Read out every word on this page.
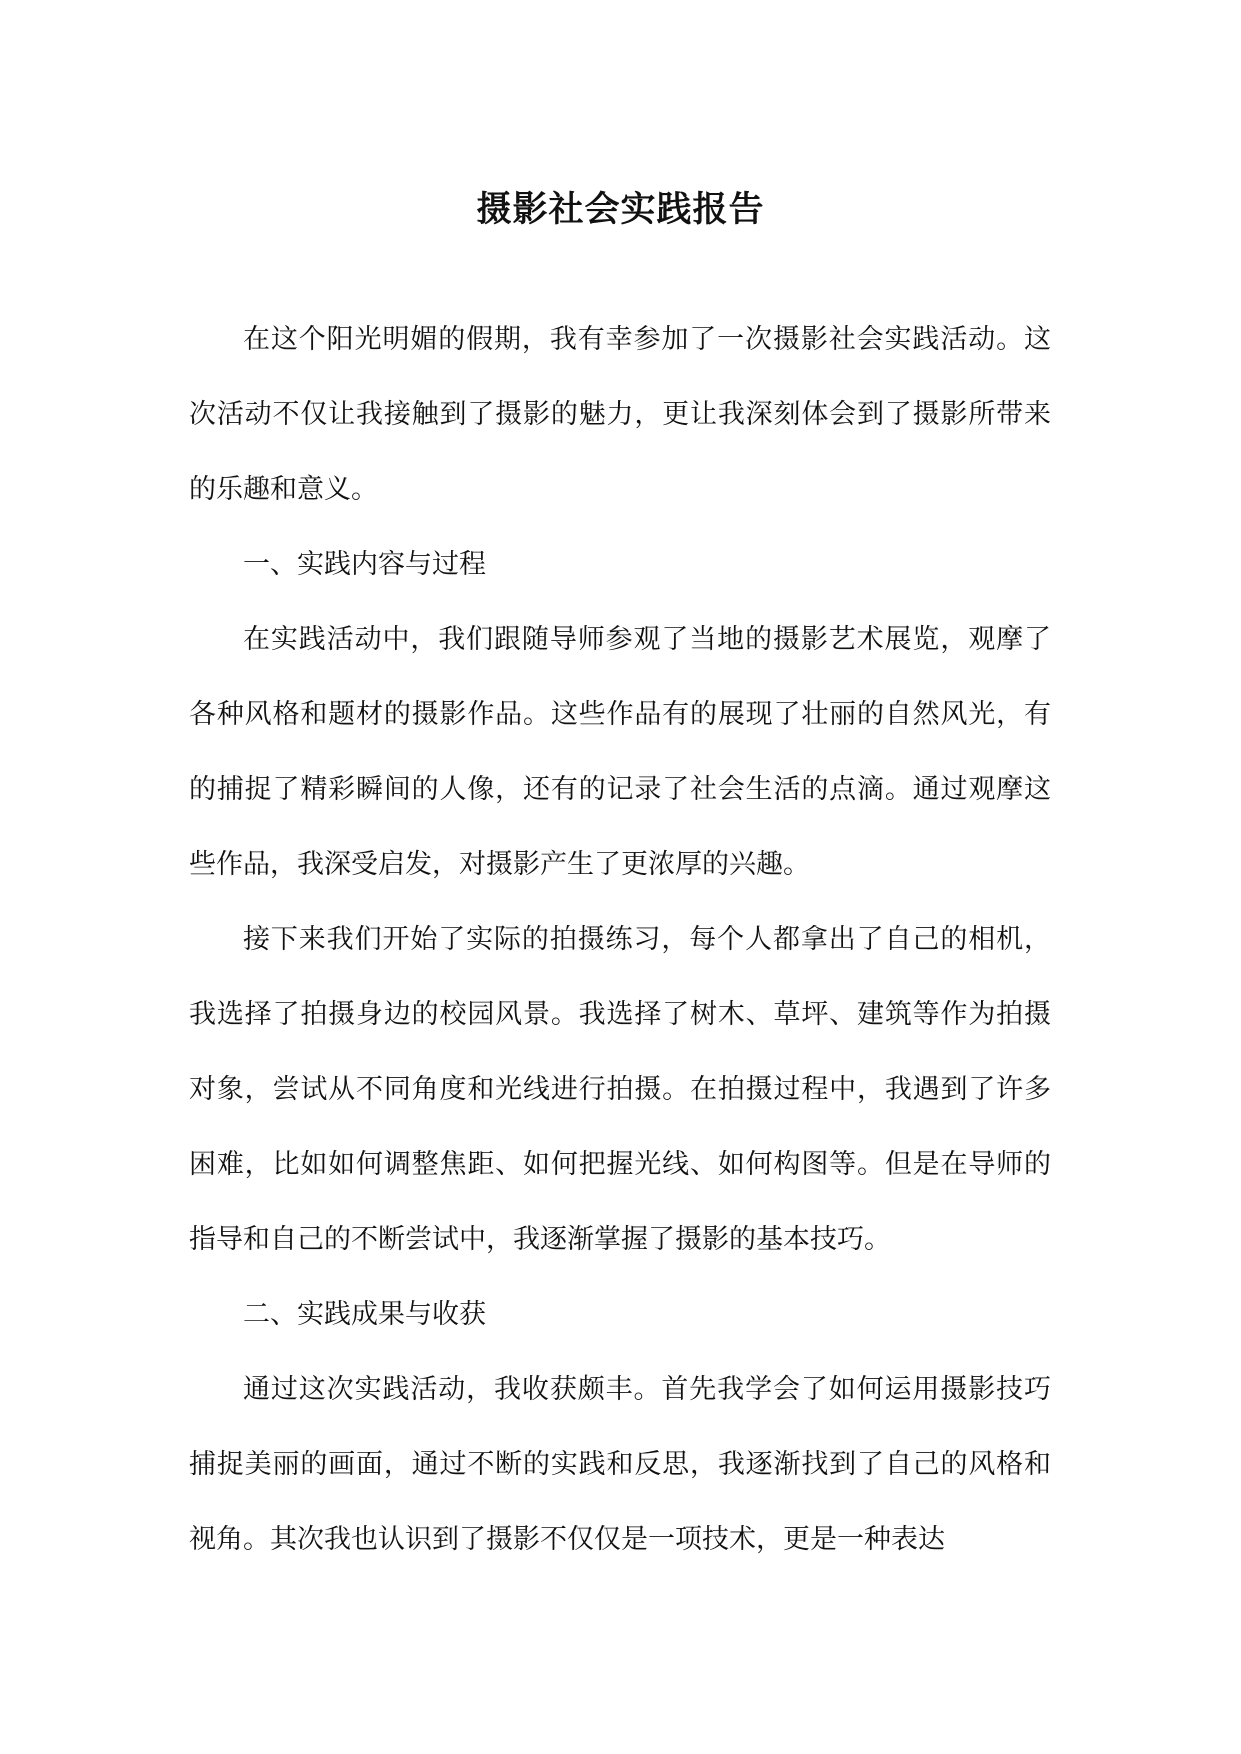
摄影社会实践报告

在这个阳光明媚的假期，我有幸参加了一次摄影社会实践活动。这次活动不仅让我接触到了摄影的魅力，更让我深刻体会到了摄影所带来的乐趣和意义。

一、实践内容与过程

在实践活动中，我们跟随导师参观了当地的摄影艺术展览，观摩了各种风格和题材的摄影作品。这些作品有的展现了壮丽的自然风光，有的捕捉了精彩瞬间的人像，还有的记录了社会生活的点滴。通过观摩这些作品，我深受启发，对摄影产生了更浓厚的兴趣。

接下来我们开始了实际的拍摄练习，每个人都拿出了自己的相机，我选择了拍摄身边的校园风景。我选择了树木、草坪、建筑等作为拍摄对象，尝试从不同角度和光线进行拍摄。在拍摄过程中，我遇到了许多困难，比如如何调整焦距、如何把握光线、如何构图等。但是在导师的指导和自己的不断尝试中，我逐渐掌握了摄影的基本技巧。

二、实践成果与收获

通过这次实践活动，我收获颇丰。首先我学会了如何运用摄影技巧捕捉美丽的画面，通过不断的实践和反思，我逐渐找到了自己的风格和视角。其次我也认识到了摄影不仅仅是一项技术，更是一种表达
